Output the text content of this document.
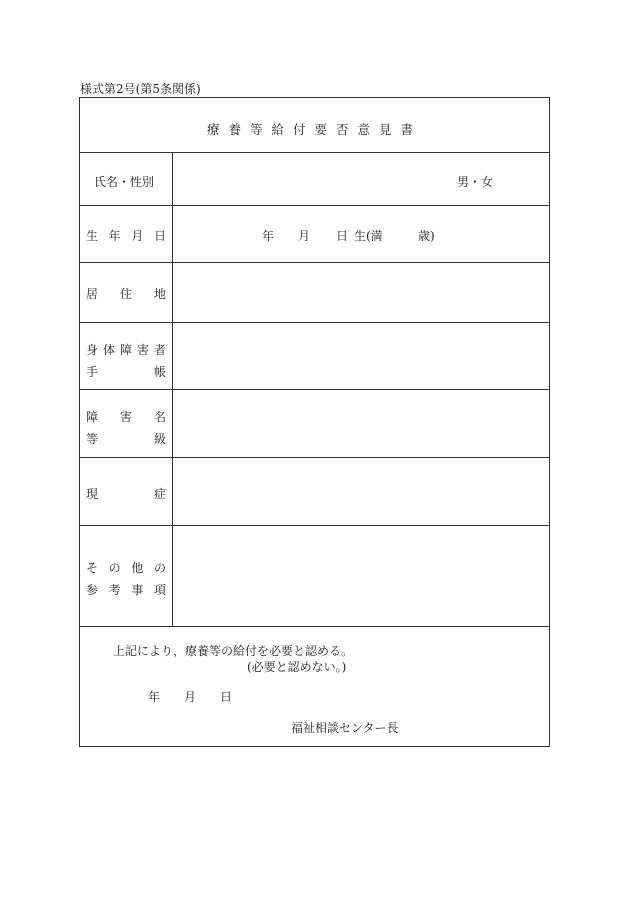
様式第2号(第5条関係)
療養等給付要否意見書
氏名・性別	男・女
生 年 月 日	年 月 日 生(満	歳)
居 住 地
身 体 障 害 者
手	帳
障 害 名
等	級
現	症
そ の 他 の
参 考 事 項
上記により，療養等の給付を必要と認める。
(必要と認めない。)
年 月 日
福祉相談センター長
